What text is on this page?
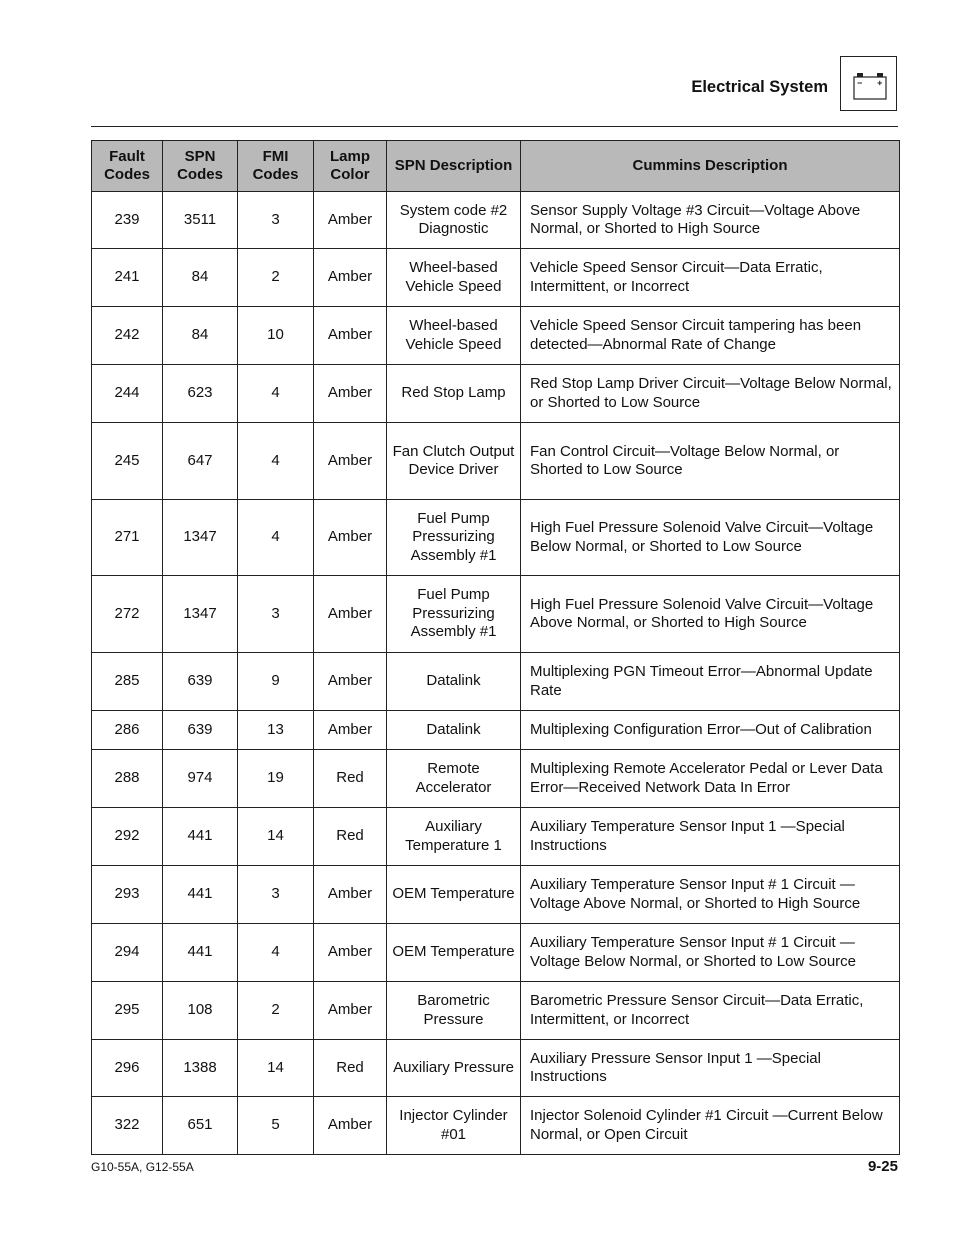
Electrical System
Fault Codes	SPN Codes	FMI Codes	Lamp Color	SPN Description	Cummins Description
239	3511	3	Amber	System code #2 Diagnostic	Sensor Supply Voltage #3 Circuit—Voltage Above Normal, or Shorted to High Source
241	84	2	Amber	Wheel-based Vehicle Speed	Vehicle Speed Sensor Circuit—Data Erratic, Intermittent, or Incorrect
242	84	10	Amber	Wheel-based Vehicle Speed	Vehicle Speed Sensor Circuit tampering has been detected—Abnormal Rate of Change
244	623	4	Amber	Red Stop Lamp	Red Stop Lamp Driver Circuit—Voltage Below Normal, or Shorted to Low Source
245	647	4	Amber	Fan Clutch Output Device Driver	Fan Control Circuit—Voltage Below Normal, or Shorted to Low Source
271	1347	4	Amber	Fuel Pump Pressurizing Assembly #1	High Fuel Pressure Solenoid Valve Circuit—Voltage Below Normal, or Shorted to Low Source
272	1347	3	Amber	Fuel Pump Pressurizing Assembly #1	High Fuel Pressure Solenoid Valve Circuit—Voltage Above Normal, or Shorted to High Source
285	639	9	Amber	Datalink	Multiplexing PGN Timeout Error—Abnormal Update Rate
286	639	13	Amber	Datalink	Multiplexing Configuration Error—Out of Calibration
288	974	19	Red	Remote Accelerator	Multiplexing Remote Accelerator Pedal or Lever Data Error—Received Network Data In Error
292	441	14	Red	Auxiliary Temperature 1	Auxiliary Temperature Sensor Input 1 —Special Instructions
293	441	3	Amber	OEM Temperature	Auxiliary Temperature Sensor Input # 1 Circuit —Voltage Above Normal, or Shorted to High Source
294	441	4	Amber	OEM Temperature	Auxiliary Temperature Sensor Input # 1 Circuit —Voltage Below Normal, or Shorted to Low Source
295	108	2	Amber	Barometric Pressure	Barometric Pressure Sensor Circuit—Data Erratic, Intermittent, or Incorrect
296	1388	14	Red	Auxiliary Pressure	Auxiliary Pressure Sensor Input 1 —Special Instructions
322	651	5	Amber	Injector Cylinder #01	Injector Solenoid Cylinder #1 Circuit —Current Below Normal, or Open Circuit
G10-55A, G12-55A	9-25
